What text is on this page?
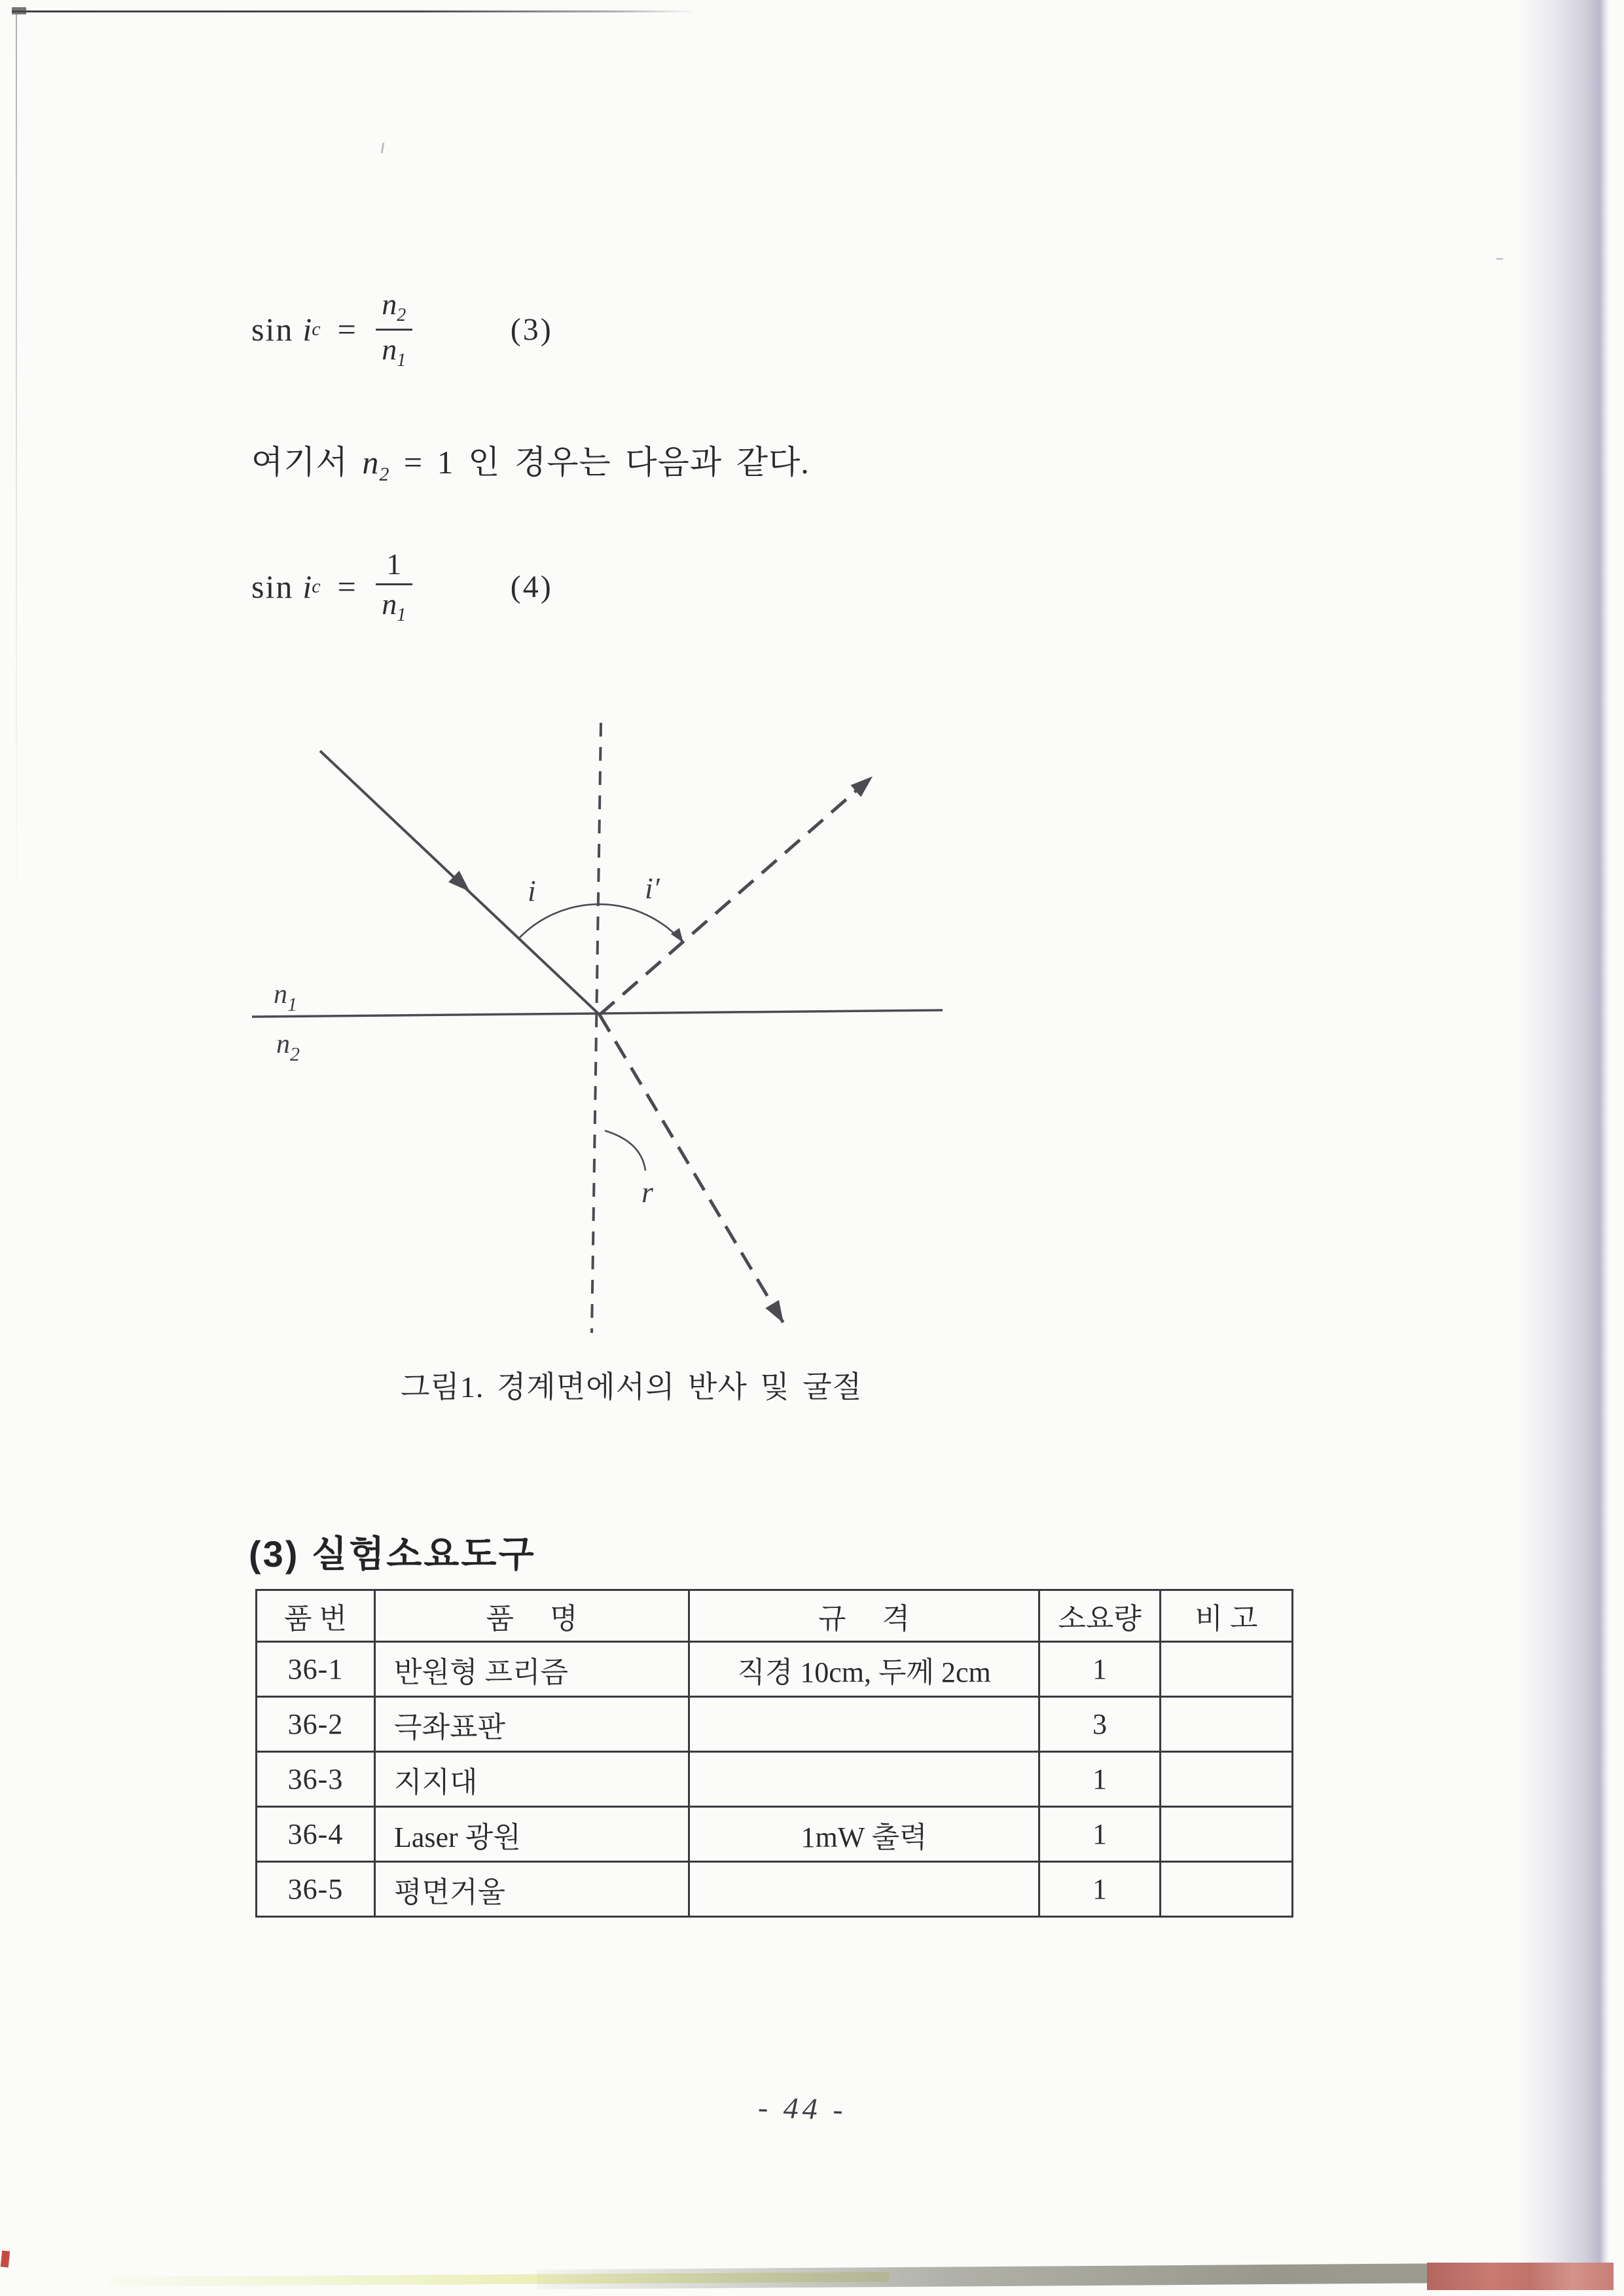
sin i $c = \frac{n_2}{n_1}$	(3)
여기서 $n_2 = 1$ 인 경우는 다음과 같다.
sin i $c = \frac{1}{n_1}$	(4)
i	i′
r
$n_1$
$n_2$
그림1. 경계면에서의 반사 및 굴절
(3) 실험소요도구
품 번	품     명	규     격	소요량	비 고
36-1	반원형 프리즘	직경 10cm, 두께 2cm	1	
36-2	극좌표판		3	
36-3	지지대		1	
36-4	Laser 광원	1mW 출력	1	
36-5	평면거울		1	
- 44 -
